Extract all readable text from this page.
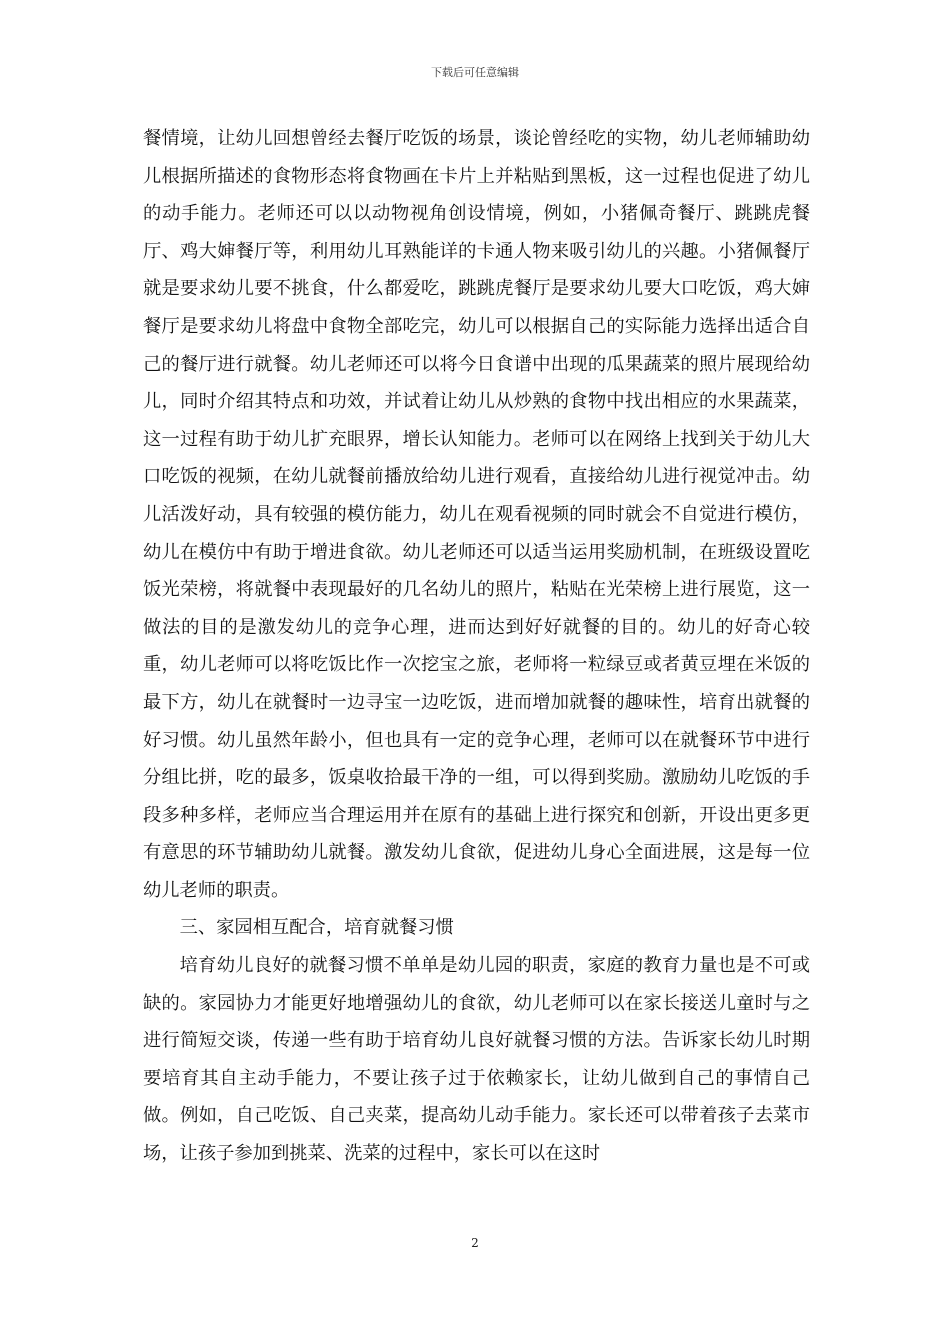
下载后可任意编辑

餐情境，让幼儿回想曾经去餐厅吃饭的场景，谈论曾经吃的实物，幼儿老师辅助幼儿根据所描述的食物形态将食物画在卡片上并粘贴到黑板，这一过程也促进了幼儿的动手能力。老师还可以以动物视角创设情境，例如，小猪佩奇餐厅、跳跳虎餐厅、鸡大婶餐厅等，利用幼儿耳熟能详的卡通人物来吸引幼儿的兴趣。小猪佩餐厅就是要求幼儿要不挑食，什么都爱吃，跳跳虎餐厅是要求幼儿要大口吃饭，鸡大婶餐厅是要求幼儿将盘中食物全部吃完，幼儿可以根据自己的实际能力选择出适合自己的餐厅进行就餐。幼儿老师还可以将今日食谱中出现的瓜果蔬菜的照片展现给幼儿，同时介绍其特点和功效，并试着让幼儿从炒熟的食物中找出相应的水果蔬菜，这一过程有助于幼儿扩充眼界，增长认知能力。老师可以在网络上找到关于幼儿大口吃饭的视频，在幼儿就餐前播放给幼儿进行观看，直接给幼儿进行视觉冲击。幼儿活泼好动，具有较强的模仿能力，幼儿在观看视频的同时就会不自觉进行模仿，幼儿在模仿中有助于增进食欲。幼儿老师还可以适当运用奖励机制，在班级设置吃饭光荣榜，将就餐中表现最好的几名幼儿的照片，粘贴在光荣榜上进行展览，这一做法的目的是激发幼儿的竞争心理，进而达到好好就餐的目的。幼儿的好奇心较重，幼儿老师可以将吃饭比作一次挖宝之旅，老师将一粒绿豆或者黄豆埋在米饭的最下方，幼儿在就餐时一边寻宝一边吃饭，进而增加就餐的趣味性，培育出就餐的好习惯。幼儿虽然年龄小，但也具有一定的竞争心理，老师可以在就餐环节中进行分组比拼，吃的最多，饭桌收拾最干净的一组，可以得到奖励。激励幼儿吃饭的手段多种多样，老师应当合理运用并在原有的基础上进行探究和创新，开设出更多更有意思的环节辅助幼儿就餐。激发幼儿食欲，促进幼儿身心全面进展，这是每一位幼儿老师的职责。

三、家园相互配合，培育就餐习惯

培育幼儿良好的就餐习惯不单单是幼儿园的职责，家庭的教育力量也是不可或缺的。家园协力才能更好地增强幼儿的食欲，幼儿老师可以在家长接送儿童时与之进行简短交谈，传递一些有助于培育幼儿良好就餐习惯的方法。告诉家长幼儿时期要培育其自主动手能力，不要让孩子过于依赖家长，让幼儿做到自己的事情自己做。例如，自己吃饭、自己夹菜，提高幼儿动手能力。家长还可以带着孩子去菜市场，让孩子参加到挑菜、洗菜的过程中，家长可以在这时

2
